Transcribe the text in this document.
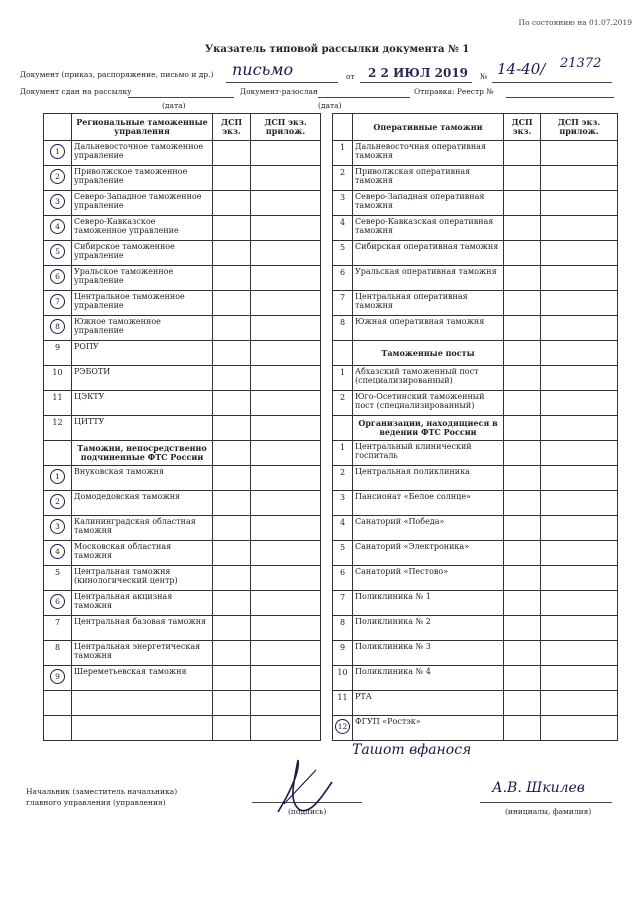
По состоянию на 01.07.2019
Указатель типовой рассылки документа № 1
Документ (приказ, распоряжение, письмо и др.) письмо	от 2 2 ИЮЛ 2019 № 14-40/ 21372
Документ сдан на рассылку	Документ-разослан	Отправка: Реестр №
(дата)	(дата)
	Региональные таможенные управления	ДСП экз.	ДСП экз. прилож.			Оперативные таможни	ДСП экз.	ДСП экз. прилож.
1	Дальневосточное таможенное управление				1	Дальневосточная оперативная таможня		
2	Приволжское таможенное управление				2	Приволжская оперативная таможня		
3	Северо-Западное таможенное управление				3	Северо-Западная оперативная таможня		
4	Северо-Кавказское таможенное управление				4	Северо-Кавказская оперативная таможня		
5	Сибирское таможенное управление				5	Сибирская оперативная таможня		
6	Уральское таможенное управление				6	Уральская оперативная таможня		
7	Центральное таможенное управление				7	Центральная оперативная таможня		
8	Южное таможенное управление				8	Южная оперативная таможня		
9	РОПУ					Таможенные посты		
10	РЭБОТИ				1	Абхазский таможенный пост (специализированный)		
11	ЦЭКТУ				2	Юго-Осетинский таможенный пост (специализированный)		
12	ЦИТТУ					Организации, находящиеся в ведении ФТС России		
	Таможни, непосредственно подчиненные ФТС России				1	Центральный клинический госпиталь		
1	Внуковская таможня				2	Центральная поликлиника		
2	Домодедовская таможня				3	Пансионат «Белое солнце»		
3	Калининградская областная таможня				4	Санаторий «Победа»		
4	Московская областная таможня				5	Санаторий «Электроника»		
5	Центральная таможня (кинологический центр)				6	Санаторий «Пестово»		
6	Центральная акцизная таможня				7	Поликлиника № 1		
7	Центральная базовая таможня				8	Поликлиника № 2		
8	Центральная энергетическая таможня				9	Поликлиника № 3		
9	Шереметьевская таможня				10	Поликлиника № 4		
					11	РТА		
					12	ФГУП «Ростэк»		
Ташот вфанося
Начальник (заместитель начальника)
главного управления (управления)
(подпись)
А.В. Шкилев
(инициалы, фамилия)
